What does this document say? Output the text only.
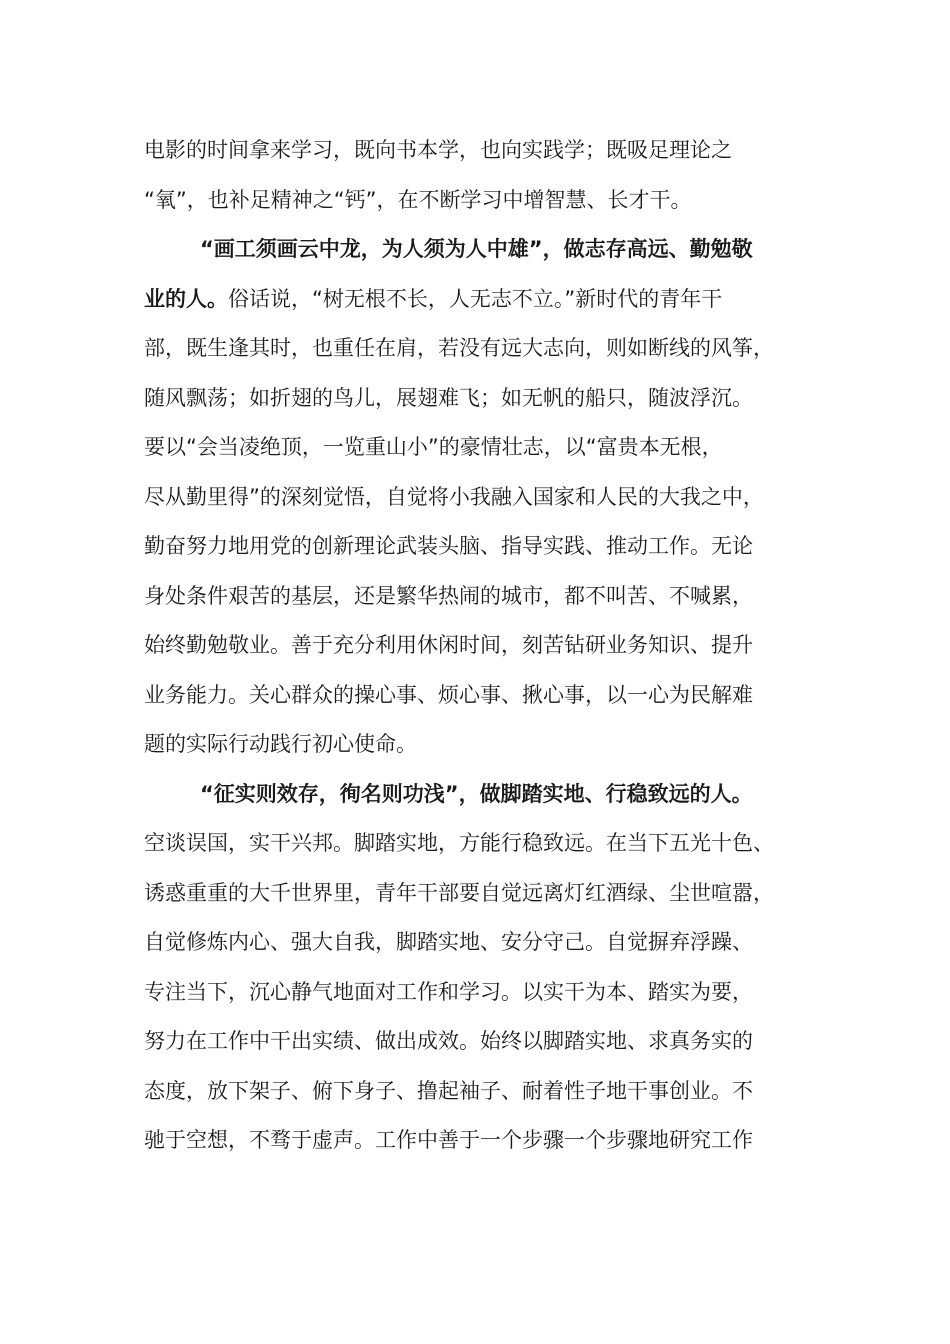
电影的时间拿来学习，既向书本学，也向实践学；既吸足理论之
“氧”，也补足精神之“钙”，在不断学习中增智慧、长才干。
“画工须画云中龙，为人须为人中雄”，做志存高远、勤勉敬
业的人。俗话说，“树无根不长，人无志不立。”新时代的青年干
部，既生逢其时，也重任在肩，若没有远大志向，则如断线的风筝，
随风飘荡；如折翅的鸟儿，展翅难飞；如无帆的船只，随波浮沉。
要以“会当凌绝顶，一览重山小”的豪情壮志，以“富贵本无根，
尽从勤里得”的深刻觉悟，自觉将小我融入国家和人民的大我之中，
勤奋努力地用党的创新理论武装头脑、指导实践、推动工作。无论
身处条件艰苦的基层，还是繁华热闹的城市，都不叫苦、不喊累，
始终勤勉敬业。善于充分利用休闲时间，刻苦钻研业务知识、提升
业务能力。关心群众的操心事、烦心事、揪心事，以一心为民解难
题的实际行动践行初心使命。
“征实则效存，徇名则功浅”，做脚踏实地、行稳致远的人。
空谈误国，实干兴邦。脚踏实地，方能行稳致远。在当下五光十色、
诱惑重重的大千世界里，青年干部要自觉远离灯红酒绿、尘世喧嚣，
自觉修炼内心、强大自我，脚踏实地、安分守己。自觉摒弃浮躁、
专注当下，沉心静气地面对工作和学习。以实干为本、踏实为要，
努力在工作中干出实绩、做出成效。始终以脚踏实地、求真务实的
态度，放下架子、俯下身子、撸起袖子、耐着性子地干事创业。不
驰于空想，不骛于虚声。工作中善于一个步骤一个步骤地研究工作
